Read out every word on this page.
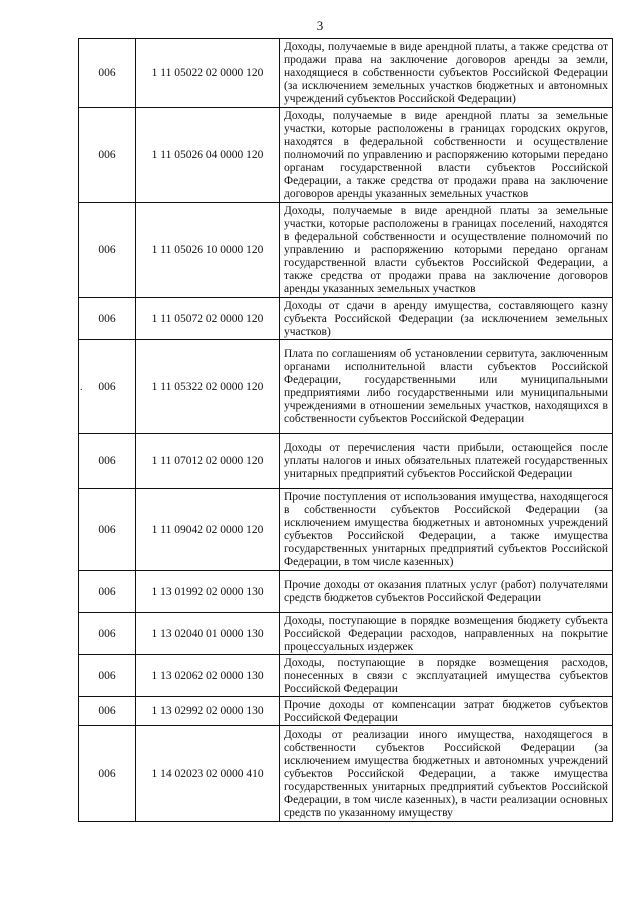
3
.
006	1 11 05022 02 0000 120	Доходы, получаемые в виде арендной платы, а также средства от продажи права на заключение договоров аренды за земли, находящиеся в собственности субъектов Российской Федерации (за исключением земельных участков бюджетных и автономных учреждений субъектов Российской Федерации)
006	1 11 05026 04 0000 120	Доходы, получаемые в виде арендной платы за земельные участки, которые расположены в границах городских округов, находятся в федеральной собственности и осуществление полномочий по управлению и распоряжению которыми передано органам государственной власти субъектов Российской Федерации, а также средства от продажи права на заключение договоров аренды указанных земельных участков
006	1 11 05026 10 0000 120	Доходы, получаемые в виде арендной платы за земельные участки, которые расположены в границах поселений, находятся в федеральной собственности и осуществление полномочий по управлению и распоряжению которыми передано органам государственной власти субъектов Российской Федерации, а также средства от продажи права на заключение договоров аренды указанных земельных участков
006	1 11 05072 02 0000 120	Доходы от сдачи в аренду имущества, составляющего казну субъекта Российской Федерации (за исключением земельных участков)
006	1 11 05322 02 0000 120	Плата по соглашениям об установлении сервитута, заключенным органами исполнительной власти субъектов Российской Федерации, государственными или муниципальными предприятиями либо государственными или муниципальными учреждениями в отношении земельных участков, находящихся в собственности субъектов Российской Федерации
006	1 11 07012 02 0000 120	Доходы от перечисления части прибыли, остающейся после уплаты налогов и иных обязательных платежей государственных унитарных предприятий субъектов Российской Федерации
006	1 11 09042 02 0000 120	Прочие поступления от использования имущества, находящегося в собственности субъектов Российской Федерации (за исключением имущества бюджетных и автономных учреждений субъектов Российской Федерации, а также имущества государственных унитарных предприятий субъектов Российской Федерации, в том числе казенных)
006	1 13 01992 02 0000 130	Прочие доходы от оказания платных услуг (работ) получателями средств бюджетов субъектов Российской Федерации
006	1 13 02040 01 0000 130	Доходы, поступающие в порядке возмещения бюджету субъекта Российской Федерации расходов, направленных на покрытие процессуальных издержек
006	1 13 02062 02 0000 130	Доходы, поступающие в порядке возмещения расходов, понесенных в связи с эксплуатацией имущества субъектов Российской Федерации
006	1 13 02992 02 0000 130	Прочие доходы от компенсации затрат бюджетов субъектов Российской Федерации
006	1 14 02023 02 0000 410	Доходы от реализации иного имущества, находящегося в собственности субъектов Российской Федерации (за исключением имущества бюджетных и автономных учреждений субъектов Российской Федерации, а также имущества государственных унитарных предприятий субъектов Российской Федерации, в том числе казенных), в части реализации основных средств по указанному имуществу
